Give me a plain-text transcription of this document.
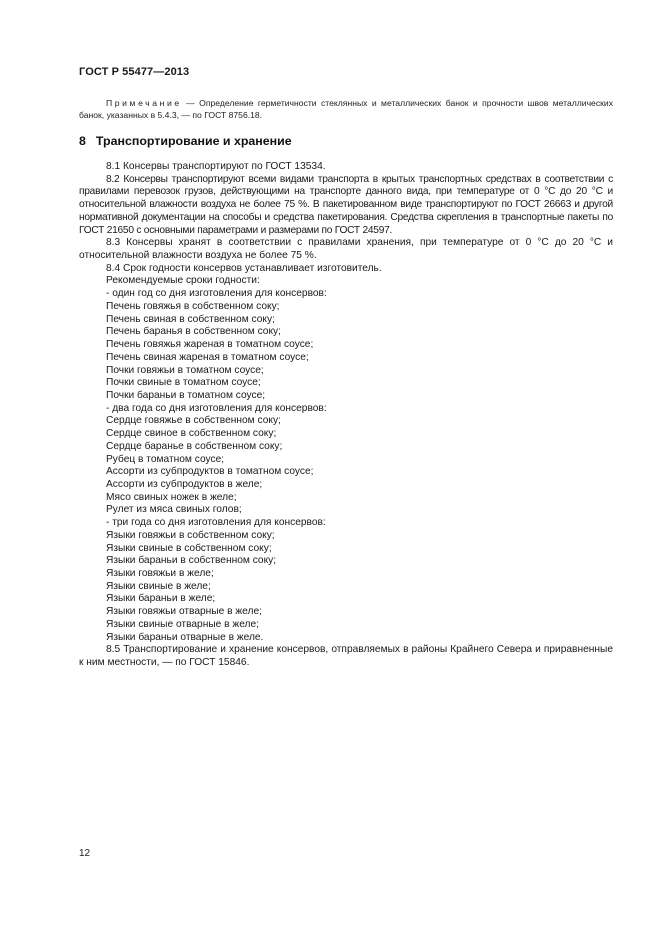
ГОСТ Р 55477—2013
Примечание — Определение герметичности стеклянных и металлических банок и прочности швов металлических банок, указанных в 5.4.3, — по ГОСТ 8756.18.
8 Транспортирование и хранение

8.1 Консервы транспортируют по ГОСТ 13534.

8.2 Консервы транспортируют всеми видами транспорта в крытых транспортных средствах в соответствии с правилами перевозок грузов, действующими на транспорте данного вида, при температуре от 0 °С до 20 °С и относительной влажности воздуха не более 75 %. В пакетированном виде транспортируют по ГОСТ 26663 и другой нормативной документации на способы и средства пакетирования. Средства скрепления в транспортные пакеты по ГОСТ 21650 с основными параметрами и размерами по ГОСТ 24597.

8.3 Консервы хранят в соответствии с правилами хранения, при температуре от 0 °С до 20 °С и относительной влажности воздуха не более 75 %.

8.4 Срок годности консервов устанавливает изготовитель.

Рекомендуемые сроки годности:

- один год со дня изготовления для консервов:

Печень говяжья в собственном соку;

Печень свиная в собственном соку;

Печень баранья в собственном соку;

Печень говяжья жареная в томатном соусе;

Печень свиная жареная в томатном соусе;

Почки говяжьи в томатном соусе;

Почки свиные в томатном соусе;

Почки бараньи в томатном соусе;

- два года со дня изготовления для консервов:

Сердце говяжье в собственном соку;

Сердце свиное в собственном соку;

Сердце баранье в собственном соку;

Рубец в томатном соусе;

Ассорти из субпродуктов в томатном соусе;

Ассорти из субпродуктов в желе;

Мясо свиных ножек в желе;

Рулет из мяса свиных голов;

- три года со дня изготовления для консервов:

Языки говяжьи в собственном соку;

Языки свиные в собственном соку;

Языки бараньи в собственном соку;

Языки говяжьи в желе;

Языки свиные в желе;

Языки бараньи в желе;

Языки говяжьи отварные в желе;

Языки свиные отварные в желе;

Языки бараньи отварные в желе.

8.5 Транспортирование и хранение консервов, отправляемых в районы Крайнего Севера и приравненные к ним местности, — по ГОСТ 15846.

12
